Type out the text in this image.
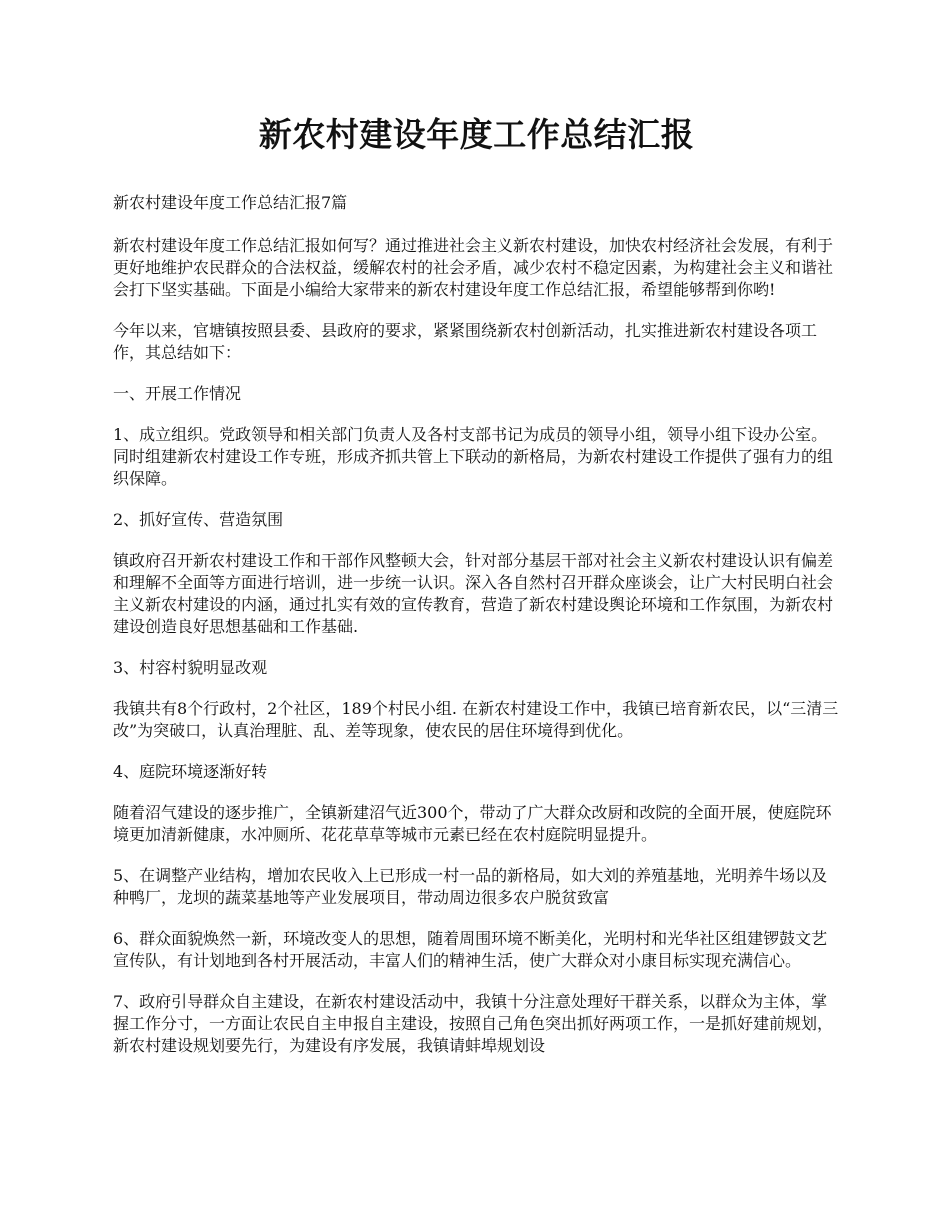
新农村建设年度工作总结汇报

新农村建设年度工作总结汇报7篇

新农村建设年度工作总结汇报如何写？通过推进社会主义新农村建设，加快农村经济社会发展，有利于更好地维护农民群众的合法权益，缓解农村的社会矛盾，减少农村不稳定因素，为构建社会主义和谐社会打下坚实基础。下面是小编给大家带来的新农村建设年度工作总结汇报，希望能够帮到你哟!

今年以来，官塘镇按照县委、县政府的要求，紧紧围绕新农村创新活动，扎实推进新农村建设各项工作，其总结如下：

一、开展工作情况

1、成立组织。党政领导和相关部门负责人及各村支部书记为成员的领导小组，领导小组下设办公室。同时组建新农村建设工作专班，形成齐抓共管上下联动的新格局，为新农村建设工作提供了强有力的组织保障。

2、抓好宣传、营造氛围

镇政府召开新农村建设工作和干部作风整顿大会，针对部分基层干部对社会主义新农村建设认识有偏差和理解不全面等方面进行培训，进一步统一认识。深入各自然村召开群众座谈会，让广大村民明白社会主义新农村建设的内涵，通过扎实有效的宣传教育，营造了新农村建设舆论环境和工作氛围，为新农村建设创造良好思想基础和工作基础.

3、村容村貌明显改观

我镇共有8个行政村，2个社区，189个村民小组. 在新农村建设工作中，我镇已培育新农民，以“三清三改”为突破口，认真治理脏、乱、差等现象，使农民的居住环境得到优化。

4、庭院环境逐渐好转

随着沼气建设的逐步推广，全镇新建沼气近300个，带动了广大群众改厨和改院的全面开展，使庭院环境更加清新健康，水冲厕所、花花草草等城市元素已经在农村庭院明显提升。

5、在调整产业结构，增加农民收入上已形成一村一品的新格局，如大刘的养殖基地，光明养牛场以及种鸭厂，龙坝的蔬菜基地等产业发展项目，带动周边很多农户脱贫致富

6、群众面貌焕然一新，环境改变人的思想，随着周围环境不断美化，光明村和光华社区组建锣鼓文艺宣传队，有计划地到各村开展活动，丰富人们的精神生活，使广大群众对小康目标实现充满信心。

7、政府引导群众自主建设，在新农村建设活动中，我镇十分注意处理好干群关系，以群众为主体，掌握工作分寸，一方面让农民自主申报自主建设，按照自己角色突出抓好两项工作，一是抓好建前规划，新农村建设规划要先行，为建设有序发展，我镇请蚌埠规划设
